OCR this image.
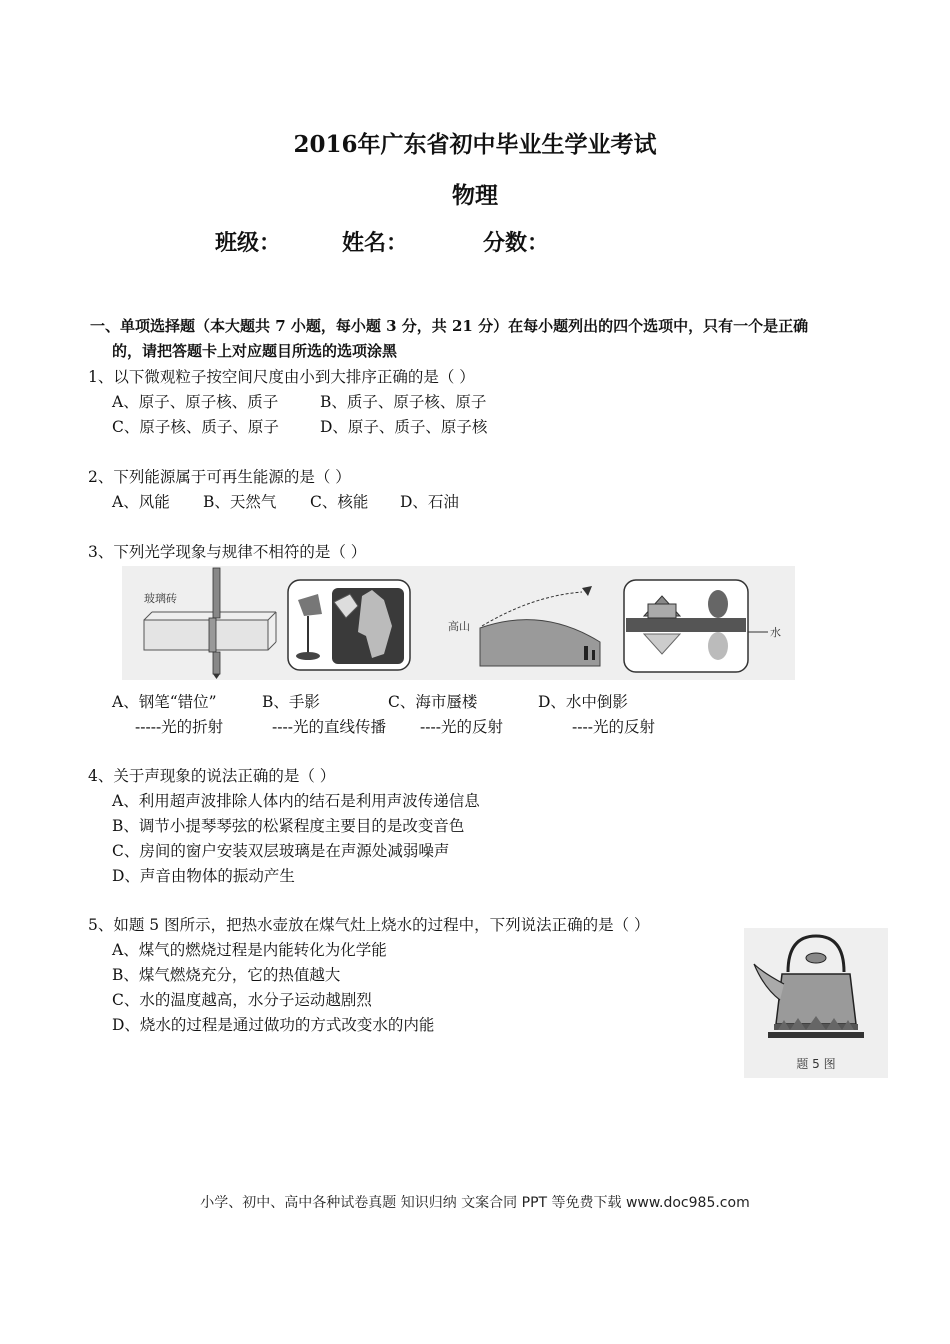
2016年广东省初中毕业生学业考试
物理
班级：	姓名：	分数：
一、单项选择题（本大题共 7 小题，每小题 3 分，共 21 分）在每小题列出的四个选项中，只有一个是正确
的，请把答题卡上对应题目所选的选项涂黑
1、以下微观粒子按空间尺度由小到大排序正确的是（ ）
A、原子、原子核、质子	B、质子、原子核、原子
C、原子核、质子、原子	D、原子、质子、原子核
2、下列能源属于可再生能源的是（ ）
A、风能 B、天然气 C、核能 D、石油
3、下列光学现象与规律不相符的是（ ）
玻璃砖
高山	水
A、钢笔“错位”	B、手影	C、海市蜃楼	D、水中倒影
-----光的折射	----光的直线传播 ----光的反射	----光的反射
4、关于声现象的说法正确的是（ ）
A、利用超声波排除人体内的结石是利用声波传递信息
B、调节小提琴琴弦的松紧程度主要目的是改变音色
C、房间的窗户安装双层玻璃是在声源处减弱噪声
D、声音由物体的振动产生
5、如题 5 图所示，把热水壶放在煤气灶上烧水的过程中，下列说法正确的是（ ）
A、煤气的燃烧过程是内能转化为化学能
B、煤气燃烧充分，它的热值越大
C、水的温度越高，水分子运动越剧烈
D、烧水的过程是通过做功的方式改变水的内能
题 5 图
小学、初中、高中各种试卷真题 知识归纳 文案合同 PPT 等免费下载 www.doc985.com
